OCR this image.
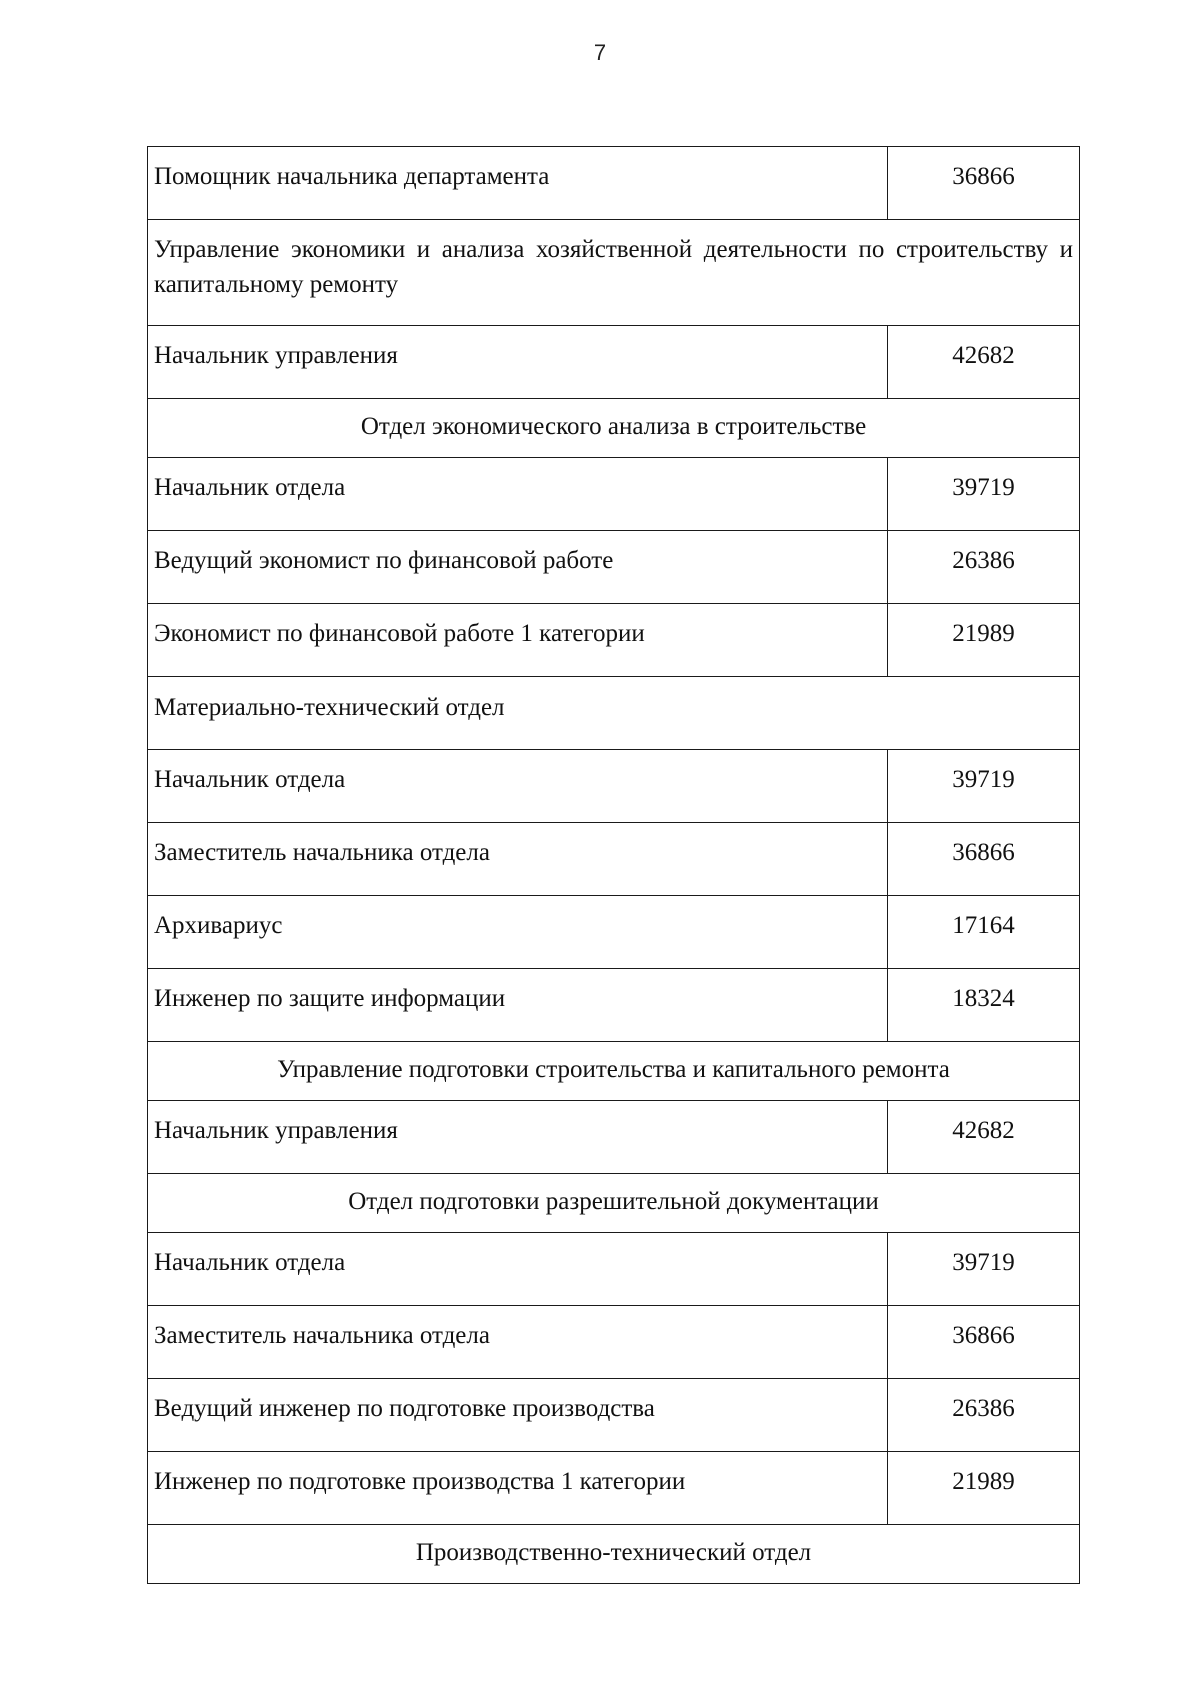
7
Помощник начальника департамента	36866

Управление экономики и анализа хозяйственной деятельности по строительству и капитальному ремонту	

Начальник управления	42682
Отдел экономического анализа в строительстве	
Начальник отдела	39719
Ведущий экономист по финансовой работе	26386
Экономист по финансовой работе 1 категории	21989
Материально-технический отдел	
Начальник отдела	39719
Заместитель начальника отдела	36866
Архивариус	17164
Инженер по защите информации	18324
Управление подготовки строительства и капитального ремонта	
Начальник управления	42682
Отдел подготовки разрешительной документации	
Начальник отдела	39719
Заместитель начальника отдела	36866
Ведущий инженер по подготовке производства	26386
Инженер по подготовке производства 1 категории	21989
Производственно-технический отдел	
